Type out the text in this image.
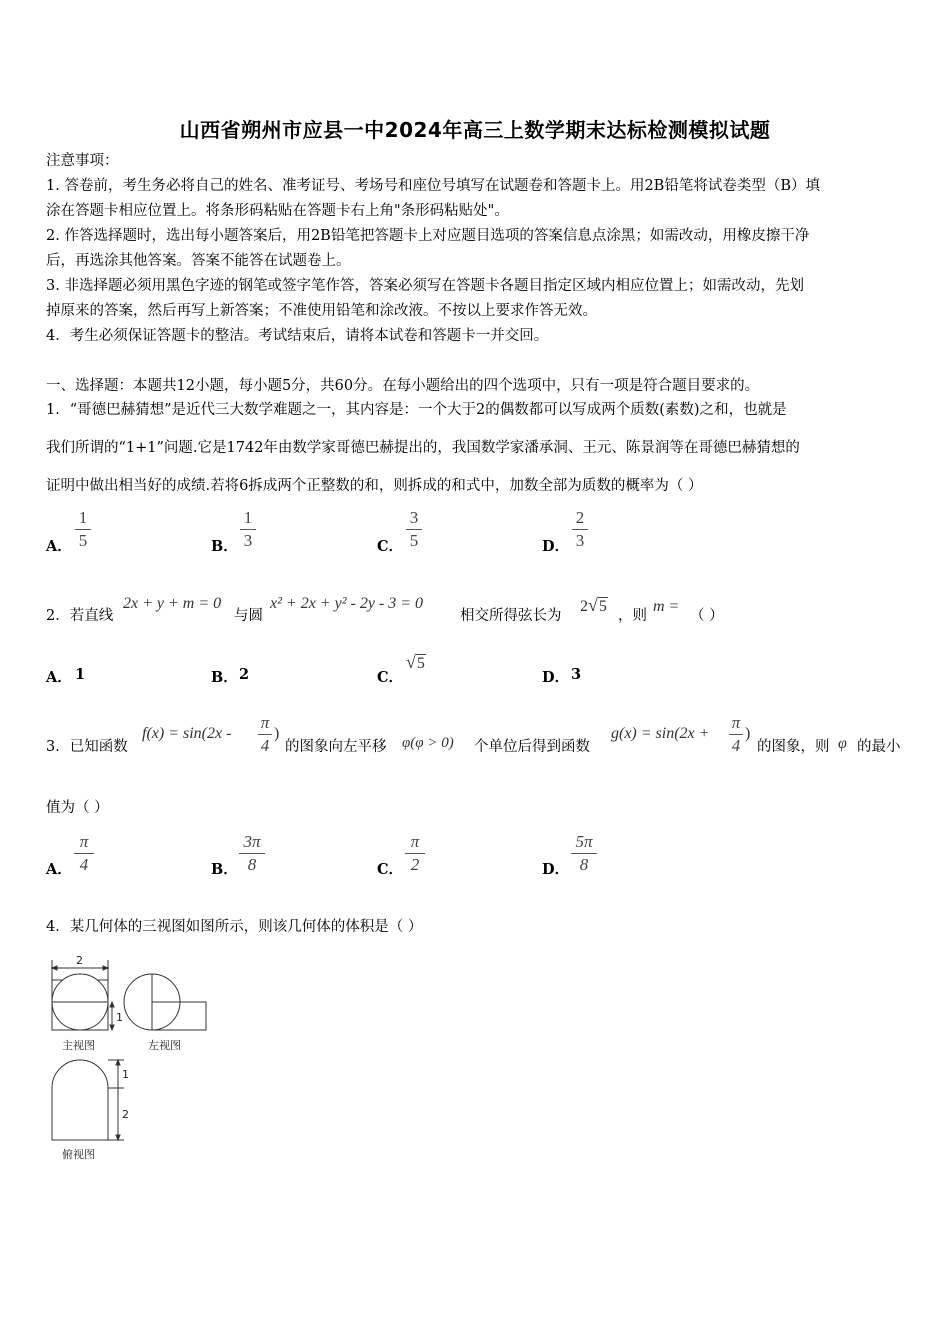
山西省朔州市应县一中2024年高三上数学期末达标检测模拟试题
注意事项：
1. 答卷前，考生务必将自己的姓名、准考证号、考场号和座位号填写在试题卷和答题卡上。用2B铅笔将试卷类型（B）填
涂在答题卡相应位置上。将条形码粘贴在答题卡右上角"条形码粘贴处"。
2. 作答选择题时，选出每小题答案后，用2B铅笔把答题卡上对应题目选项的答案信息点涂黑；如需改动，用橡皮擦干净
后，再选涂其他答案。答案不能答在试题卷上。
3. 非选择题必须用黑色字迹的钢笔或签字笔作答，答案必须写在答题卡各题目指定区域内相应位置上；如需改动，先划
掉原来的答案，然后再写上新答案；不准使用铅笔和涂改液。不按以上要求作答无效。
4．考生必须保证答题卡的整洁。考试结束后，请将本试卷和答题卡一并交回。
一、选择题：本题共12小题，每小题5分，共60分。在每小题给出的四个选项中，只有一项是符合题目要求的。
1．“哥德巴赫猜想”是近代三大数学难题之一，其内容是：一个大于2的偶数都可以写成两个质数(素数)之和，也就是
我们所谓的“1+1”问题.它是1742年由数学家哥德巴赫提出的，我国数学家潘承洞、王元、陈景润等在哥德巴赫猜想的
证明中做出相当好的成绩.若将6拆成两个正整数的和，则拆成的和式中，加数全部为质数的概率为（ ）
A．
1
5	B．
1
3	C．
3
5	D．
2
3
2．若直线
2x + y + m = 0
与圆
x² + 2x + y² - 2y - 3 = 0
相交所得弦长为
2√5
，则
m =
（ ）
A． 1	B． 2	C．
√5
D． 3
3．已知函数
f(x) = sin(2x -
π
4
)
的图象向左平移 φ(φ > 0) 个单位后得到函数
g(x) = sin(2x +
π
4
)
的图象，则 φ 的最小
值为（ ）
A．
π
4	B．
3π
8	C．
π
2	D．
5π
8
4．某几何体的三视图如图所示，则该几何体的体积是（ ）
2
1
1
2
主视图	左视图
俯视图
